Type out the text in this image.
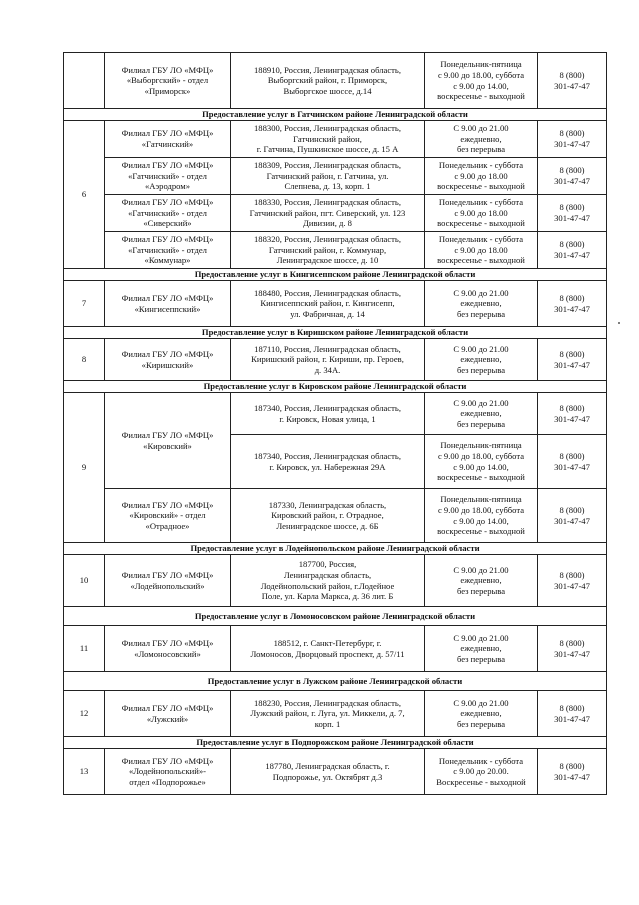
	Филиал ГБУ ЛО «МФЦ»
«Выборгский» - отдел
«Приморск»	188910, Россия, Ленинградская область,
Выборгский район, г. Приморск,
Выборгское шоссе, д.14	Понедельник-пятница
с 9.00 до 18.00, суббота
с 9.00 до 14.00,
воскресенье - выходной	8 (800)
301-47-47

Предоставление услуг в Гатчинском районе Ленинградской области				
6	Филиал ГБУ ЛО «МФЦ»
«Гатчинский»	188300, Россия, Ленинградская область,
Гатчинский район,
г. Гатчина, Пушкинское шоссе, д. 15 А	С 9.00 до 21.00
ежедневно,
без перерыва	8 (800)
301-47-47

	Филиал ГБУ ЛО «МФЦ»
«Гатчинский» - отдел
«Аэродром»	188309, Россия, Ленинградская область,
Гатчинский район, г. Гатчина, ул.
Слепнева, д. 13, корп. 1	Понедельник - суббота
с 9.00 до 18.00
воскресенье - выходной	8 (800)
301-47-47

	Филиал ГБУ ЛО «МФЦ»
«Гатчинский» - отдел
«Сиверский»	188330, Россия, Ленинградская область,
Гатчинский район, пгт. Сиверский, ул. 123
Дивизии, д. 8	Понедельник - суббота
с 9.00 до 18.00
воскресенье - выходной	8 (800)
301-47-47

	Филиал ГБУ ЛО «МФЦ»
«Гатчинский» - отдел
«Коммунар»	188320, Россия, Ленинградская область,
Гатчинский район, г. Коммунар,
Ленинградское шоссе, д. 10	Понедельник - суббота
с 9.00 до 18.00
воскресенье - выходной	8 (800)
301-47-47

Предоставление услуг в Кингисеппском районе Ленинградской области				
7	Филиал ГБУ ЛО «МФЦ»
«Кингисеппский»	188480, Россия, Ленинградская область,
Кингисеппский район, г. Кингисепп,
ул. Фабричная, д. 14	С 9.00 до 21.00
ежедневно,
без перерыва	8 (800)
301-47-47

Предоставление услуг в Киришском районе Ленинградской области				
8	Филиал ГБУ ЛО «МФЦ»
«Киришский»	187110, Россия, Ленинградская область,
Киришский район, г. Кириши, пр. Героев,
д. 34А.	С 9.00 до 21.00
ежедневно,
без перерыва	8 (800)
301-47-47

Предоставление услуг в Кировском районе Ленинградской области				
9	Филиал ГБУ ЛО «МФЦ»
«Кировский»	187340, Россия, Ленинградская область,
г. Кировск, Новая улица, 1	С 9.00 до 21.00
ежедневно,
без перерыва	8 (800)
301-47-47

		187340, Россия, Ленинградская область,
г. Кировск, ул. Набережная 29А	Понедельник-пятница
с 9.00 до 18.00, суббота
с 9.00 до 14.00,
воскресенье - выходной	8 (800)
301-47-47

	Филиал ГБУ ЛО «МФЦ»
«Кировский» - отдел
«Отрадное»	187330, Ленинградская область,
Кировский район, г. Отрадное,
Ленинградское шоссе, д. 6Б	Понедельник-пятница
с 9.00 до 18.00, суббота
с 9.00 до 14.00,
воскресенье - выходной	8 (800)
301-47-47

Предоставление услуг в Лодейнопольском районе Ленинградской области				
10	Филиал ГБУ ЛО «МФЦ»
«Лодейнопольский»	187700, Россия,
Ленинградская область,
Лодейнопольский район, г.Лодейное
Поле, ул. Карла Маркса, д. 36 лит. Б	С 9.00 до 21.00
ежедневно,
без перерыва	8 (800)
301-47-47

Предоставление услуг в Ломоносовском районе Ленинградской области				
11	Филиал ГБУ ЛО «МФЦ»
«Ломоносовский»	188512, г. Санкт-Петербург, г.
Ломоносов, Дворцовый проспект, д. 57/11	С 9.00 до 21.00
ежедневно,
без перерыва	8 (800)
301-47-47

Предоставление услуг в Лужском районе Ленинградской области				
12	Филиал ГБУ ЛО «МФЦ»
«Лужский»	188230, Россия, Ленинградская область,
Лужский район, г. Луга, ул. Миккели, д. 7,
корп. 1	С 9.00 до 21.00
ежедневно,
без перерыва	8 (800)
301-47-47

Предоставление услуг в Подпорожском районе Ленинградской области				
13	Филиал ГБУ ЛО «МФЦ»
«Лодейнопольский»-
отдел «Подпорожье»	187780, Ленинградская область, г.
Подпорожье, ул. Октябрят д.3	Понедельник - суббота
с 9.00 до 20.00.
Воскресенье - выходной	8 (800)
301-47-47
